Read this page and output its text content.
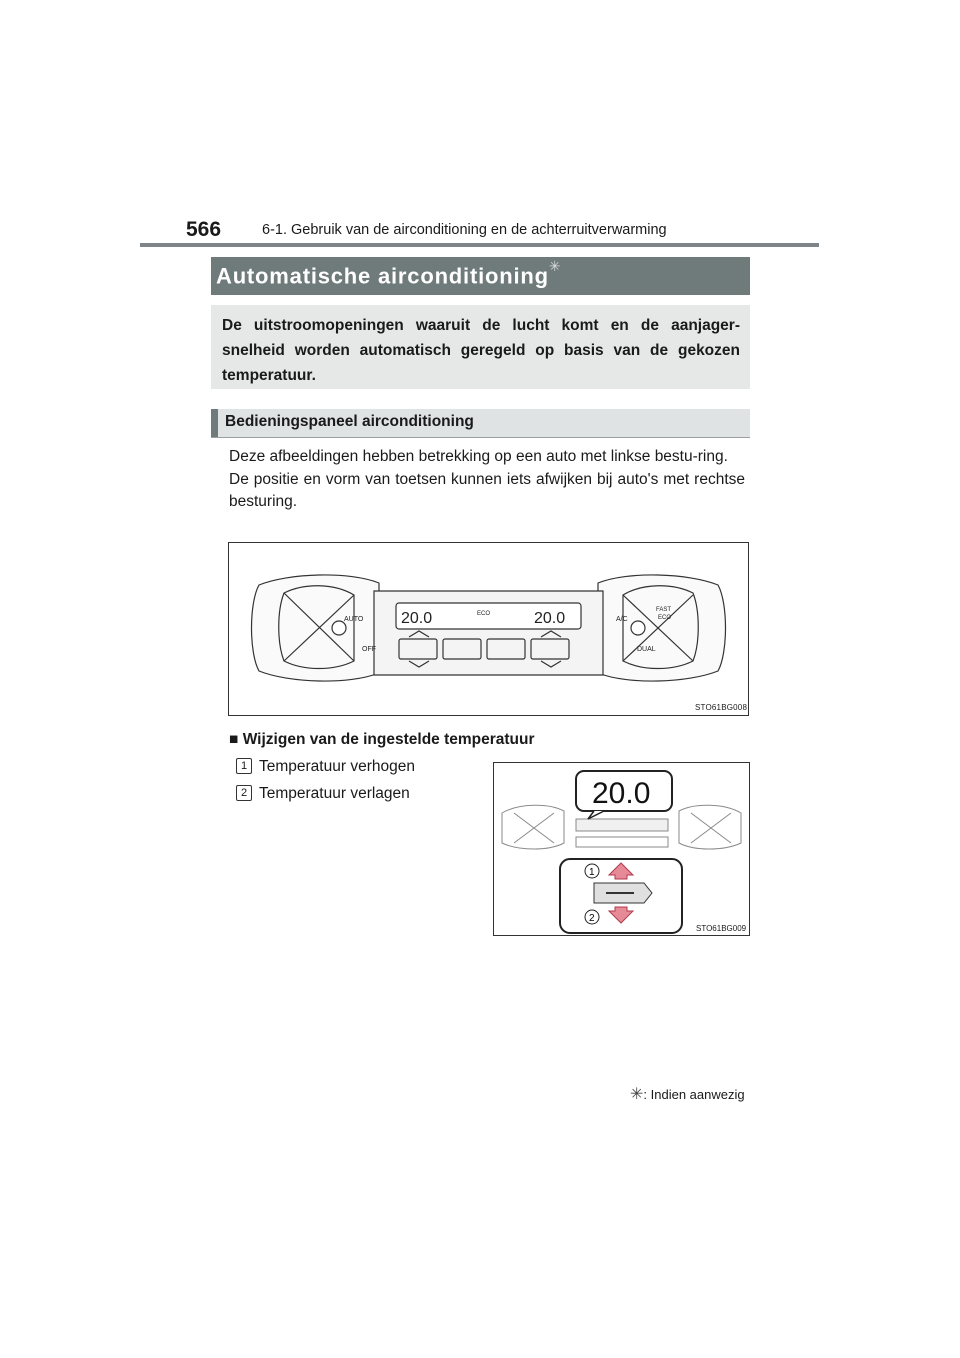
566	6-1. Gebruik van de airconditioning en de achterruitverwarming
Automatische airconditioning✳
De uitstroomopeningen waaruit de lucht komt en de aanjager-snelheid worden automatisch geregeld op basis van de gekozen temperatuur.
Bedieningspaneel airconditioning

Deze afbeeldingen hebben betrekking op een auto met linkse bestu-ring.

De positie en vorm van toetsen kunnen iets afwijken bij auto's met rechtse besturing.

20.0	20.0
ECO
AUTO
OFF
A/C
FAST
ECO
DUAL
STO61BG008
■ Wijzigen van de ingestelde temperatuur
1 Temperatuur verhogen
2 Temperatuur verlagen	20.0
1
2
STO61BG009
✳: Indien aanwezig
